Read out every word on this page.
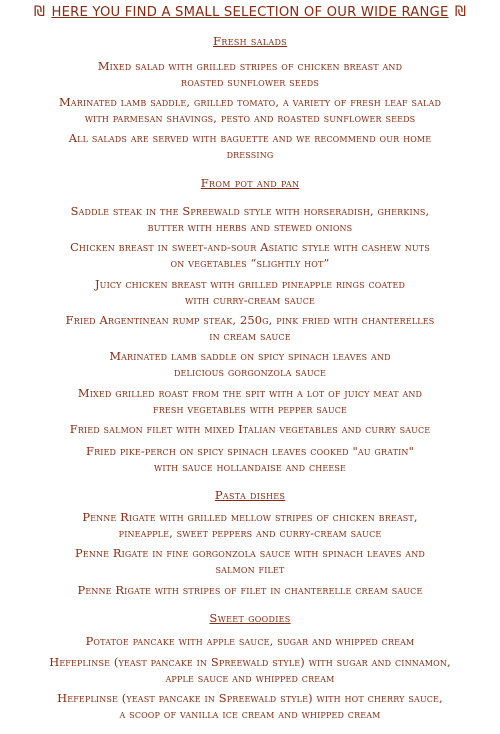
₪ HERE YOU FIND A SMALL SELECTION OF OUR WIDE RANGE ₪
Fresh salads
Mixed salad with grilled stripes of chicken breast and
roasted sunflower seeds
Marinated lamb saddle, grilled tomato, a variety of fresh leaf salad
with parmesan shavings, pesto and roasted sunflower seeds
All salads are served with baguette and we recommend our home
dressing
From pot and pan
Saddle steak in the Spreewald style with horseradish, gherkins,
butter with herbs and stewed onions
Chicken breast in sweet-and-sour Asiatic style with cashew nuts
on vegetables “slightly hot”
Juicy chicken breast with grilled pineapple rings coated
with curry-cream sauce
Fried Argentinean rump steak, 250g, pink fried with chanterelles
in cream sauce
Marinated lamb saddle on spicy spinach leaves and
delicious gorgonzola sauce
Mixed grilled roast from the spit with a lot of juicy meat and
fresh vegetables with pepper sauce
Fried salmon filet with mixed Italian vegetables and curry sauce
Fried pike-perch on spicy spinach leaves cooked "au gratin"
with sauce hollandaise and cheese
Pasta dishes
Penne Rigate with grilled mellow stripes of chicken breast,
pineapple, sweet peppers and curry-cream sauce
Penne Rigate in fine gorgonzola sauce with spinach leaves and
salmon filet
Penne Rigate with stripes of filet in chanterelle cream sauce
Sweet goodies
Potatoe pancake with apple sauce, sugar and whipped cream
Hefeplinse (yeast pancake in Spreewald style) with sugar and cinnamon,
apple sauce and whipped cream
Hefeplinse (yeast pancake in Spreewald style) with hot cherry sauce,
a scoop of vanilla ice cream and whipped cream
